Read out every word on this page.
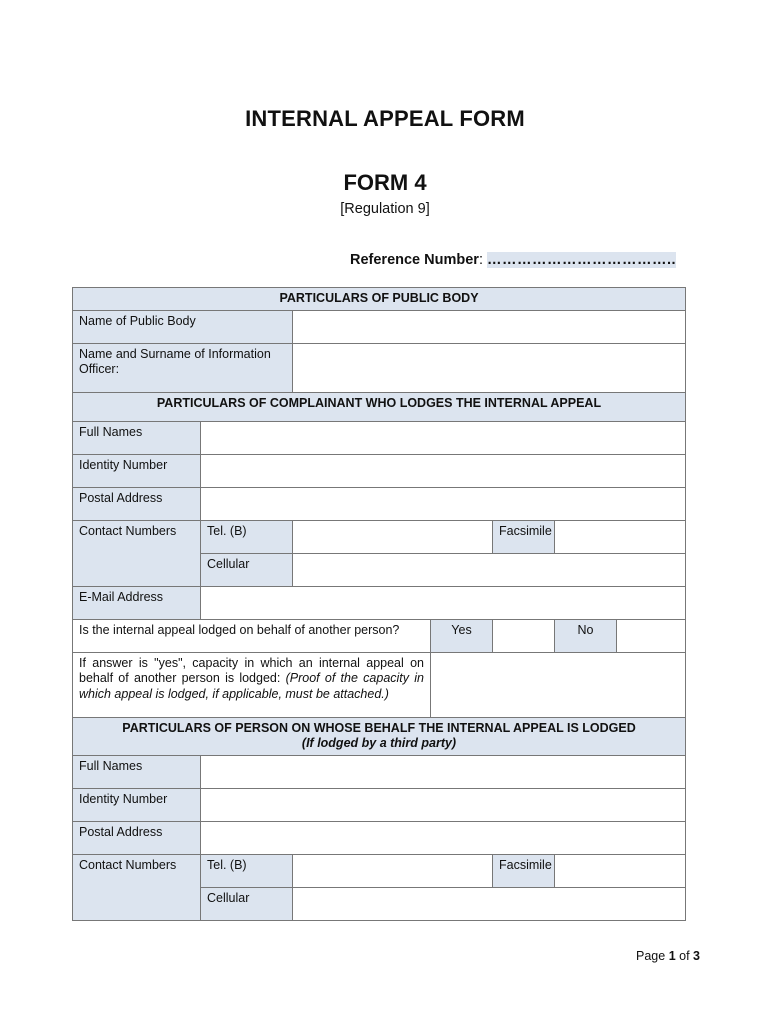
INTERNAL APPEAL FORM
FORM 4
[Regulation 9]
Reference Number: ………………………………..
PARTICULARS OF PUBLIC BODY						
Name of Public Body						
Name and Surname of Information Officer:						
PARTICULARS OF COMPLAINANT WHO LODGES THE INTERNAL APPEAL						
Full Names						
Identity Number						
Postal Address						
Contact Numbers	Tel. (B)			Facsimile		
	Cellular					
E-Mail Address						
Is the internal appeal lodged on behalf of another person?			Yes		No	
If answer is "yes", capacity in which an internal appeal on behalf of another person is lodged: (Proof of the capacity in which appeal is lodged, if applicable, must be attached.)						

PARTICULARS OF PERSON ON WHOSE BEHALF THE INTERNAL APPEAL IS LODGED
(If lodged by a third party)						

Full Names						
Identity Number						
Postal Address						
Contact Numbers	Tel. (B)			Facsimile		
	Cellular					
Page 1 of 3
